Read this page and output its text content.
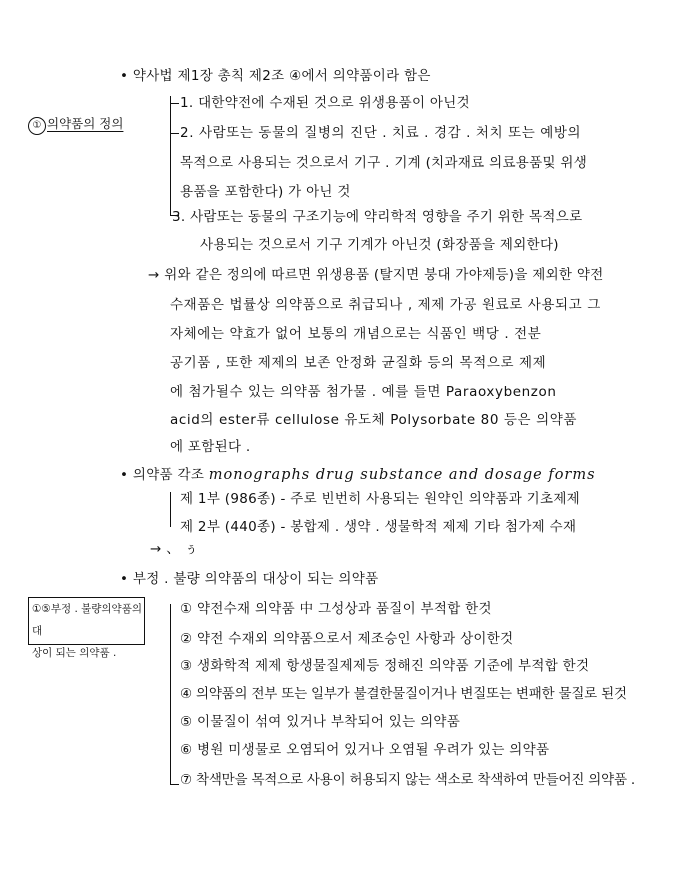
• 약사법 제1장 총칙 제2조 ④에서 의약품이라 함은
① 의약품의 정의
1. 대한약전에 수재된 것으로 위생용품이 아닌것
2. 사람또는 동물의 질병의 진단 . 치료 . 경감 . 처치 또는 예방의
목적으로 사용되는 것으로서 기구 . 기계 (치과재료 의료용품및 위생
용품을 포함한다) 가 아닌 것
3. 사람또는 동물의 구조기능에 약리학적 영향을 주기 위한 목적으로
사용되는 것으로서 기구 기계가 아닌것 (화장품을 제외한다)
→ 위와 같은 정의에 따르면 위생용품 (탈지면 붕대 가야제등)을 제외한 약전
수재품은 법률상 의약품으로 취급되나 , 제제 가공 원료로 사용되고 그
자체에는 약효가 없어 보통의 개념으로는 식품인 백당 . 전분
공기품 , 또한 제제의 보존 안정화 균질화 등의 목적으로 제제
에 첨가될수 있는 의약품 첨가물 . 예를 들면 Paraoxybenzon
acid의 ester류 cellulose 유도체 Polysorbate 80 등은 의약품
에 포함된다 .
• 의약품 각조 monographs drug substance and dosage forms
제 1부 (986종) - 주로 빈번히 사용되는 원약인 의약품과 기초제제
제 2부 (440종) - 봉합제 . 생약 . 생물학적 제제 기타 첨가제 수재
→ 、 ぅ
• 부정 . 불량 의약품의 대상이 되는 의약품
①⑤부정 . 불량의약품의 대
상이 되는 의약품 .
① 약전수재 의약품 中 그성상과 품질이 부적합 한것
② 약전 수재외 의약품으로서 제조승인 사항과 상이한것
③ 생화학적 제제 항생물질제제등 정해진 의약품 기준에 부적합 한것
④ 의약품의 전부 또는 일부가 불결한물질이거나 변질또는 변패한 물질로 된것
⑤ 이물질이 섞여 있거나 부착되어 있는 의약품
⑥ 병원 미생물로 오염되어 있거나 오염될 우려가 있는 의약품
⑦ 착색만을 목적으로 사용이 허용되지 않는 색소로 착색하여 만들어진 의약품 .
